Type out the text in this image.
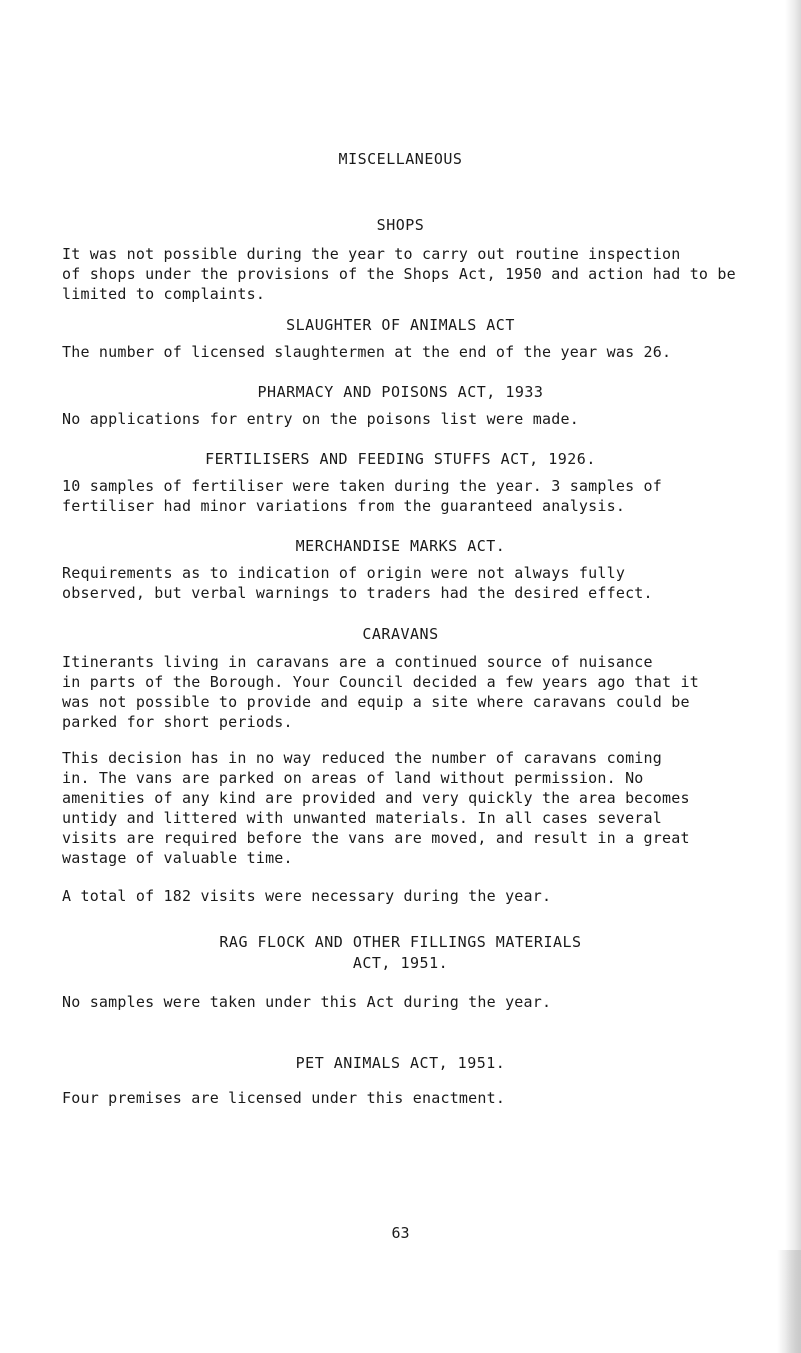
MISCELLANEOUS
SHOPS
It was not possible during the year to carry out routine inspection
of shops under the provisions of the Shops Act, 1950 and action had to be
limited to complaints.
SLAUGHTER OF ANIMALS ACT
The number of licensed slaughtermen at the end of the year was 26.
PHARMACY AND POISONS ACT, 1933
No applications for entry on the poisons list were made.
FERTILISERS AND FEEDING STUFFS ACT, 1926.
10 samples of fertiliser were taken during the year. 3 samples of
fertiliser had minor variations from the guaranteed analysis.
MERCHANDISE MARKS ACT.
Requirements as to indication of origin were not always fully
observed, but verbal warnings to traders had the desired effect.
CARAVANS
Itinerants living in caravans are a continued source of nuisance
in parts of the Borough. Your Council decided a few years ago that it
was not possible to provide and equip a site where caravans could be
parked for short periods.
This decision has in no way reduced the number of caravans coming
in. The vans are parked on areas of land without permission. No
amenities of any kind are provided and very quickly the area becomes
untidy and littered with unwanted materials. In all cases several
visits are required before the vans are moved, and result in a great
wastage of valuable time.
A total of 182 visits were necessary during the year.
RAG FLOCK AND OTHER FILLINGS MATERIALS
ACT, 1951.
No samples were taken under this Act during the year.
PET ANIMALS ACT, 1951.
Four premises are licensed under this enactment.
63
